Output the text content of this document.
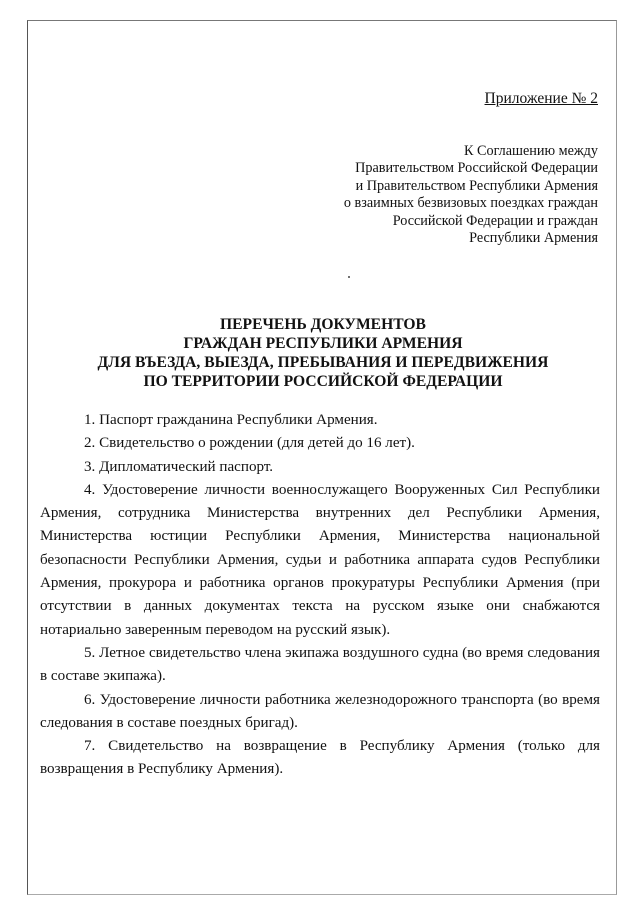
Приложение № 2
К Соглашению между
Правительством Российской Федерации
и Правительством Республики Армения
о взаимных безвизовых поездках граждан
Российской Федерации и граждан
Республики Армения
ПЕРЕЧЕНЬ ДОКУМЕНТОВ
ГРАЖДАН РЕСПУБЛИКИ АРМЕНИЯ
ДЛЯ ВЪЕЗДА, ВЫЕЗДА, ПРЕБЫВАНИЯ И ПЕРЕДВИЖЕНИЯ
ПО ТЕРРИТОРИИ РОССИЙСКОЙ ФЕДЕРАЦИИ

1. Паспорт гражданина Республики Армения.

2. Свидетельство о рождении (для детей до 16 лет).

3. Дипломатический паспорт.

4. Удостоверение личности военнослужащего Вооруженных Сил Республики Армения, сотрудника Министерства внутренних дел Республики Армения, Министерства юстиции Республики Армения, Министерства национальной безопасности Республики Армения, судьи и работника аппарата судов Республики Армения, прокурора и работника органов прокуратуры Республики Армения (при отсутствии в данных документах текста на русском языке они снабжаются нотариально заверенным переводом на русский язык).

5. Летное свидетельство члена экипажа воздушного судна (во время следования в составе экипажа).

6. Удостоверение личности работника железнодорожного транспорта (во время следования в составе поездных бригад).

7. Свидетельство на возвращение в Республику Армения (только для возвращения в Республику Армения).
